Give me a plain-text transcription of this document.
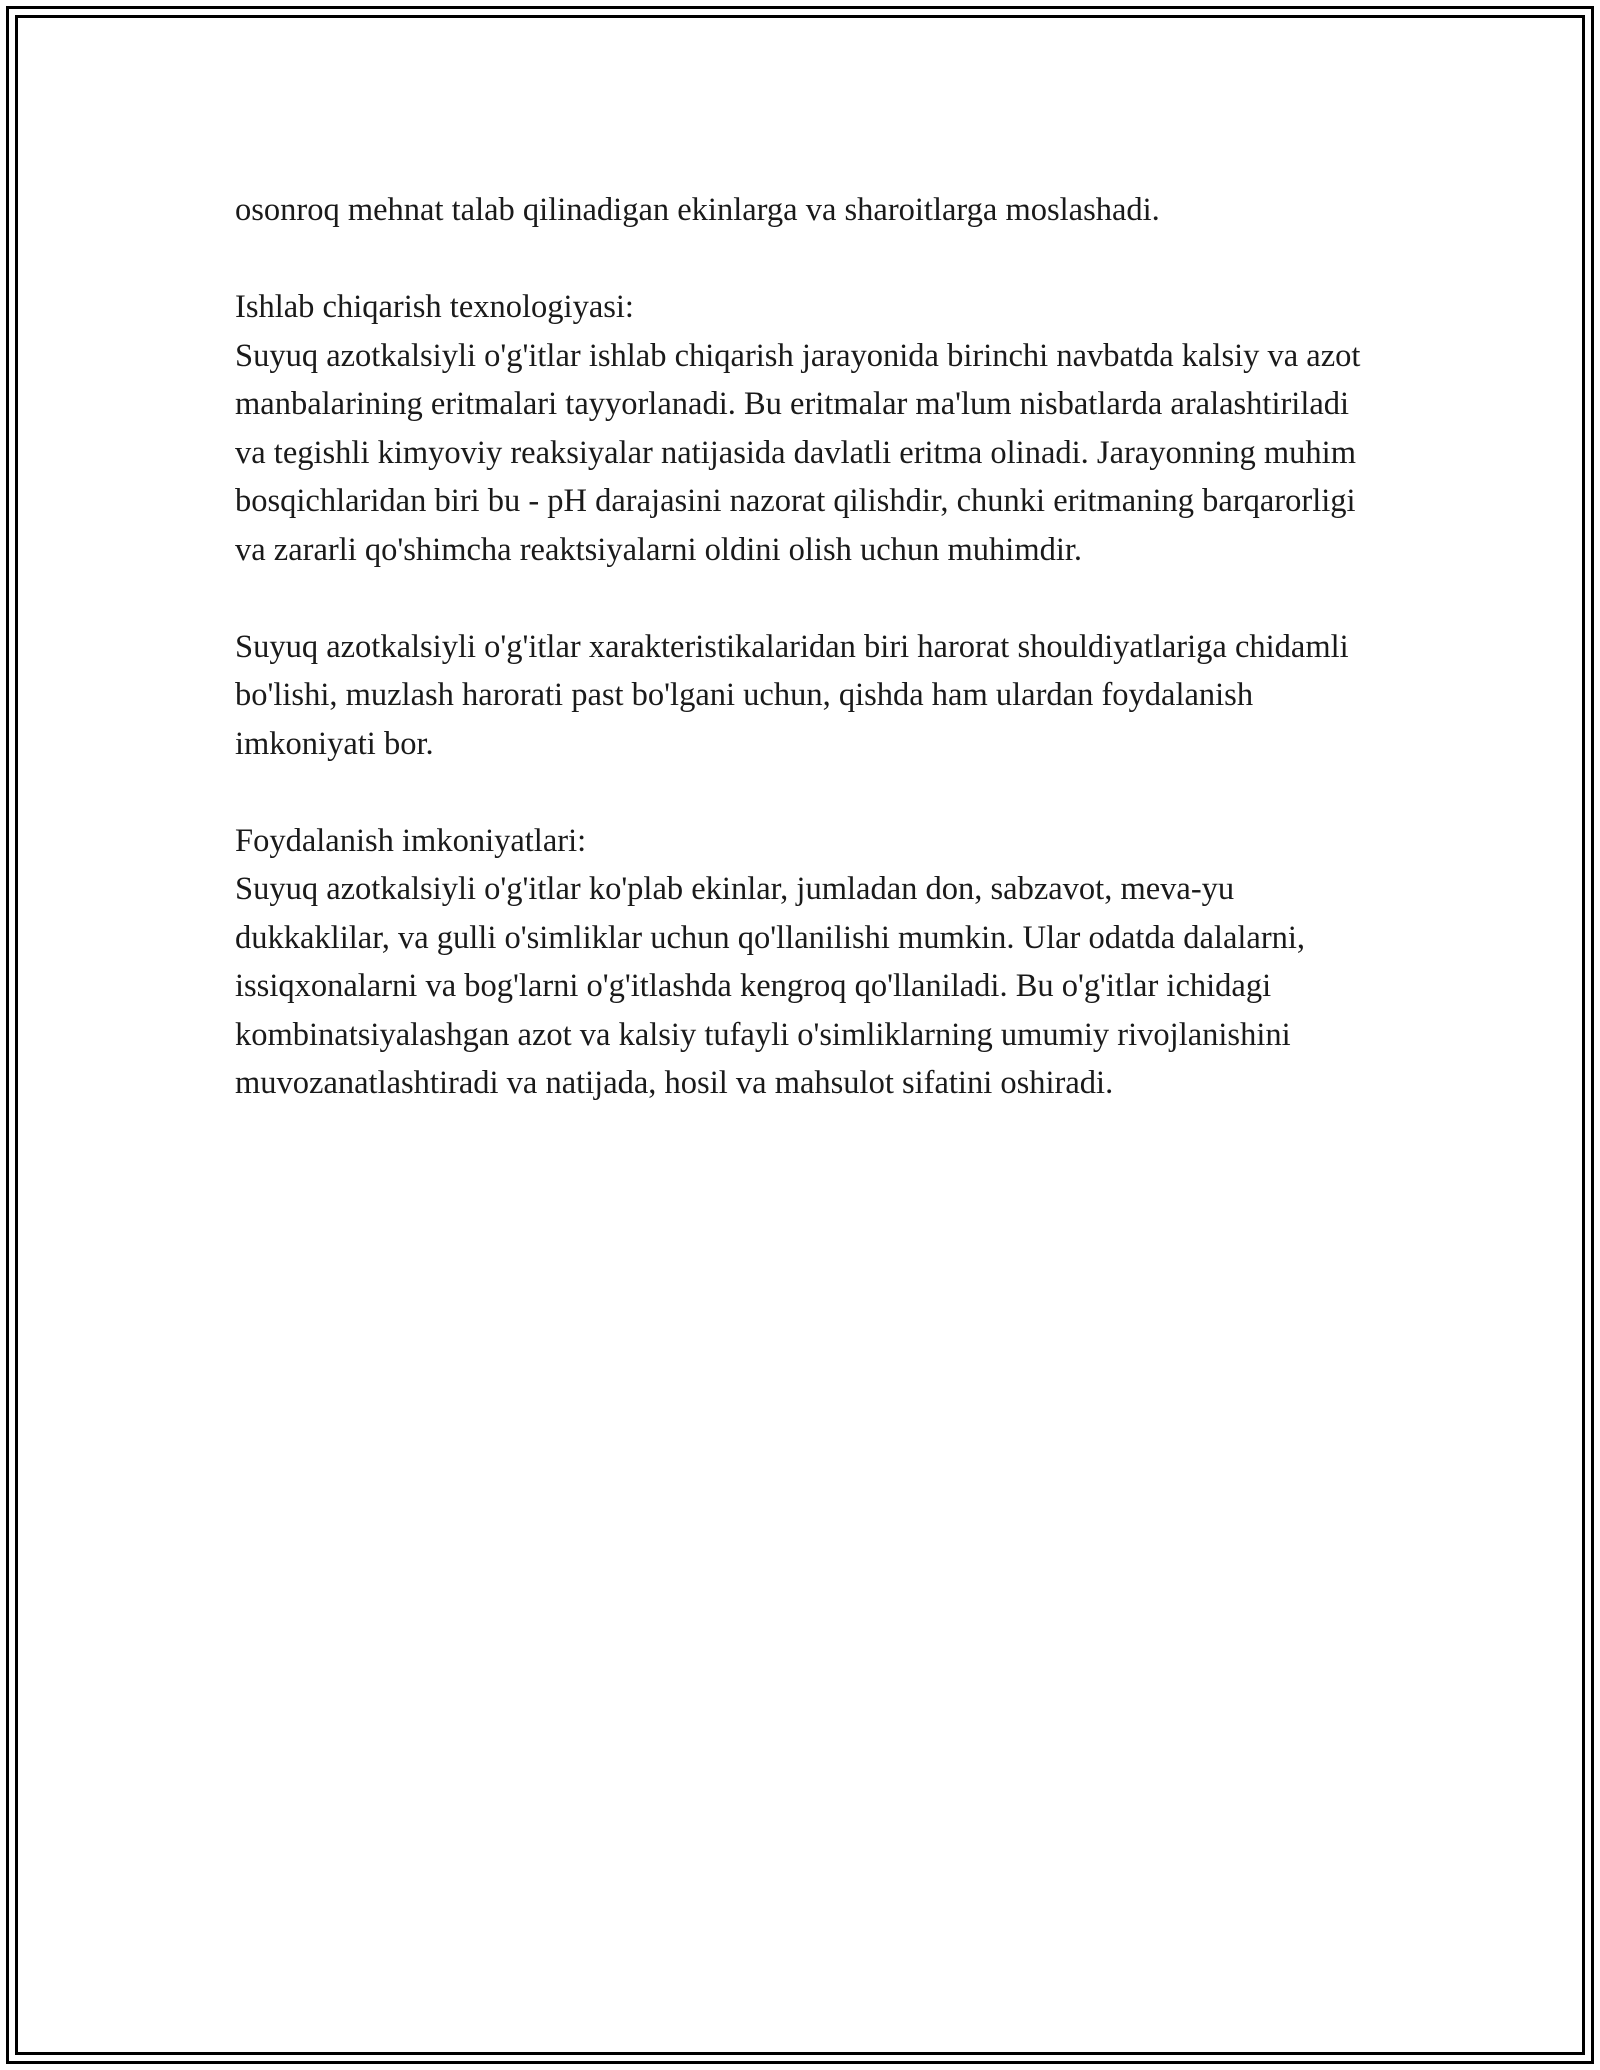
osonroq mehnat talab qilinadigan ekinlarga va sharoitlarga moslashadi.

Ishlab chiqarish texnologiyasi:
Suyuq azotkalsiyli o'g'itlar ishlab chiqarish jarayonida birinchi navbatda kalsiy va azot manbalarining eritmalari tayyorlanadi. Bu eritmalar ma'lum nisbatlarda aralashtiriladi va tegishli kimyoviy reaksiyalar natijasida davlatli eritma olinadi. Jarayonning muhim bosqichlaridan biri bu - pH darajasini nazorat qilishdir, chunki eritmaning barqarorligi va zararli qo'shimcha reaktsiyalarni oldini olish uchun muhimdir.

Suyuq azotkalsiyli o'g'itlar xarakteristikalaridan biri harorat shouldiyatlariga chidamli bo'lishi, muzlash harorati past bo'lgani uchun, qishda ham ulardan foydalanish imkoniyati bor.

Foydalanish imkoniyatlari:
Suyuq azotkalsiyli o'g'itlar ko'plab ekinlar, jumladan don, sabzavot, meva-yu dukkaklilar, va gulli o'simliklar uchun qo'llanilishi mumkin. Ular odatda dalalarni, issiqxonalarni va bog'larni o'g'itlashda kengroq qo'llaniladi. Bu o'g'itlar ichidagi kombinatsiyalashgan azot va kalsiy tufayli o'simliklarning umumiy rivojlanishini muvozanatlashtiradi va natijada, hosil va mahsulot sifatini oshiradi.
